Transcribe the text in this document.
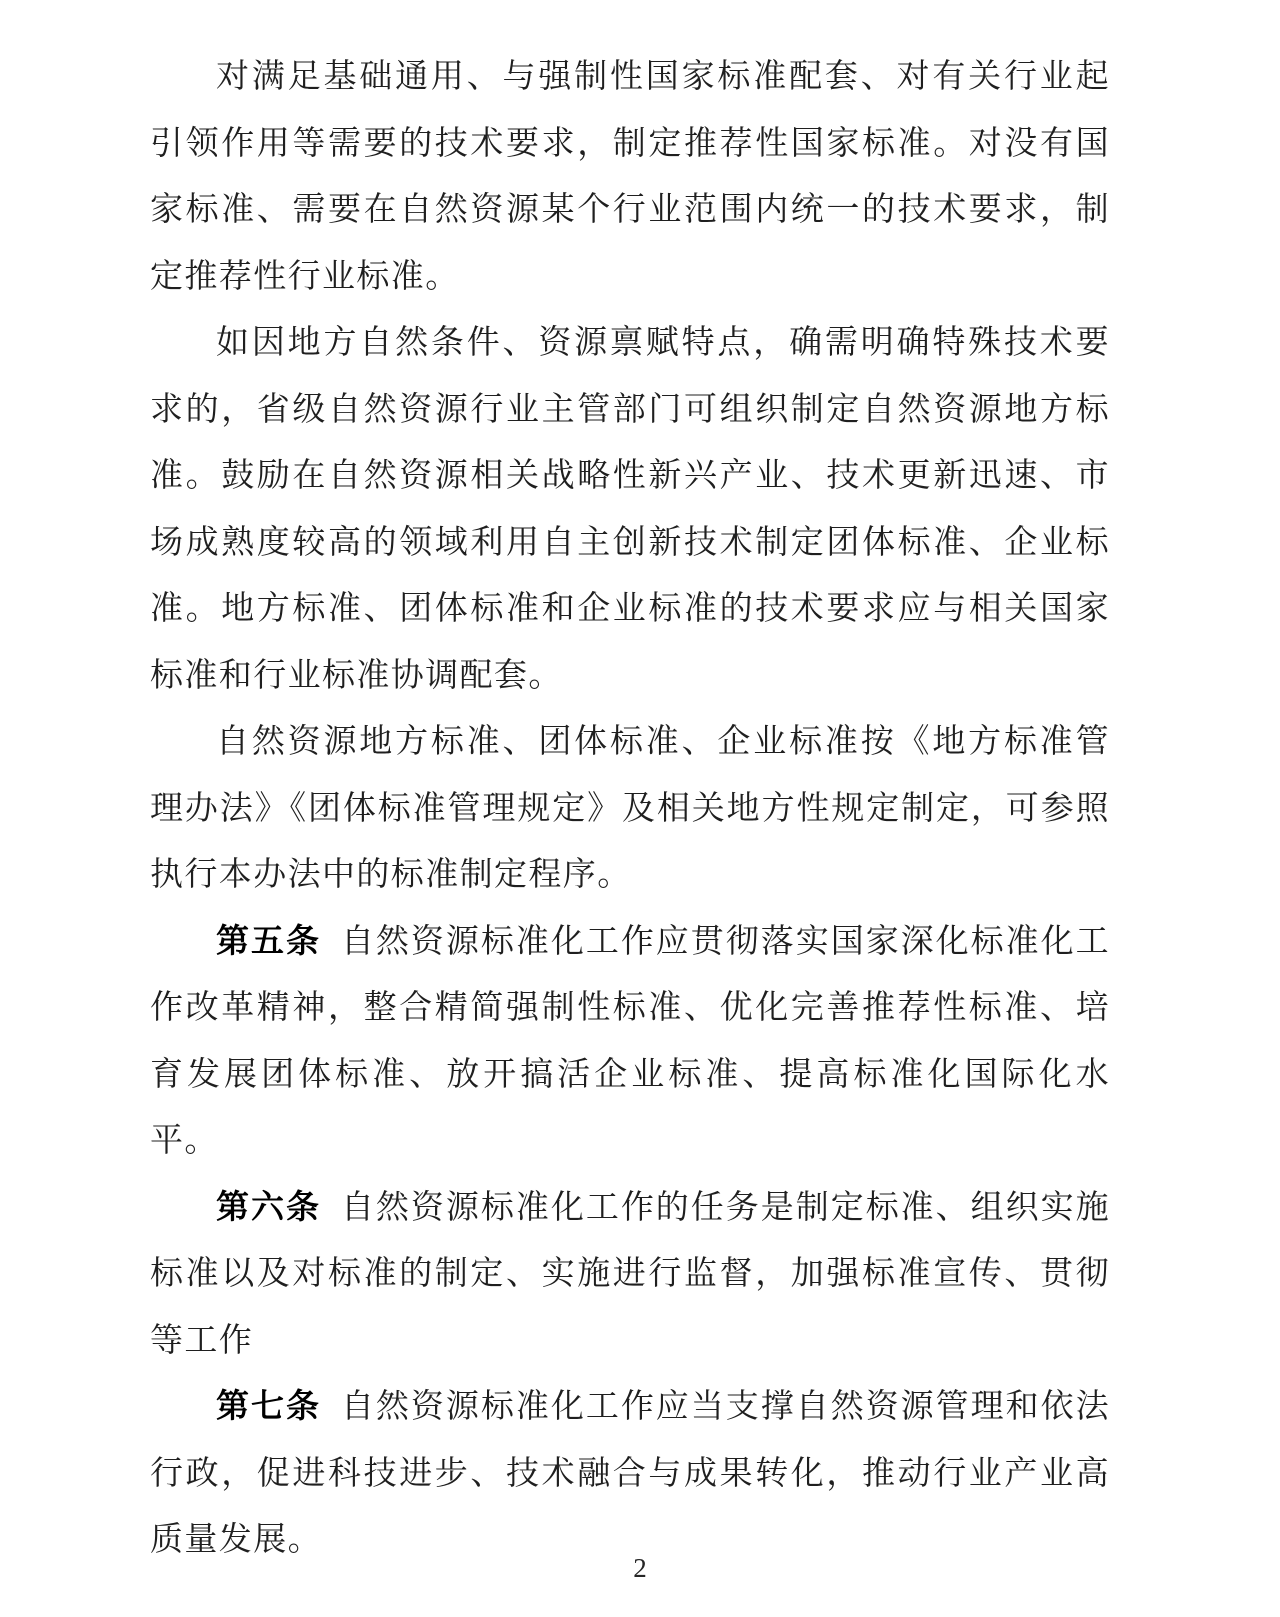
对满足基础通用、与强制性国家标准配套、对有关行业起引领作用等需要的技术要求，制定推荐性国家标准。对没有国家标准、需要在自然资源某个行业范围内统一的技术要求，制定推荐性行业标准。

如因地方自然条件、资源禀赋特点，确需明确特殊技术要求的，省级自然资源行业主管部门可组织制定自然资源地方标准。鼓励在自然资源相关战略性新兴产业、技术更新迅速、市场成熟度较高的领域利用自主创新技术制定团体标准、企业标准。地方标准、团体标准和企业标准的技术要求应与相关国家标准和行业标准协调配套。

自然资源地方标准、团体标准、企业标准按《地方标准管理办法》《团体标准管理规定》及相关地方性规定制定，可参照执行本办法中的标准制定程序。

第五条 自然资源标准化工作应贯彻落实国家深化标准化工作改革精神，整合精简强制性标准、优化完善推荐性标准、培育发展团体标准、放开搞活企业标准、提高标准化国际化水平。

第六条 自然资源标准化工作的任务是制定标准、组织实施标准以及对标准的制定、实施进行监督，加强标准宣传、贯彻等工作

第七条 自然资源标准化工作应当支撑自然资源管理和依法行政，促进科技进步、技术融合与成果转化，推动行业产业高质量发展。

2
